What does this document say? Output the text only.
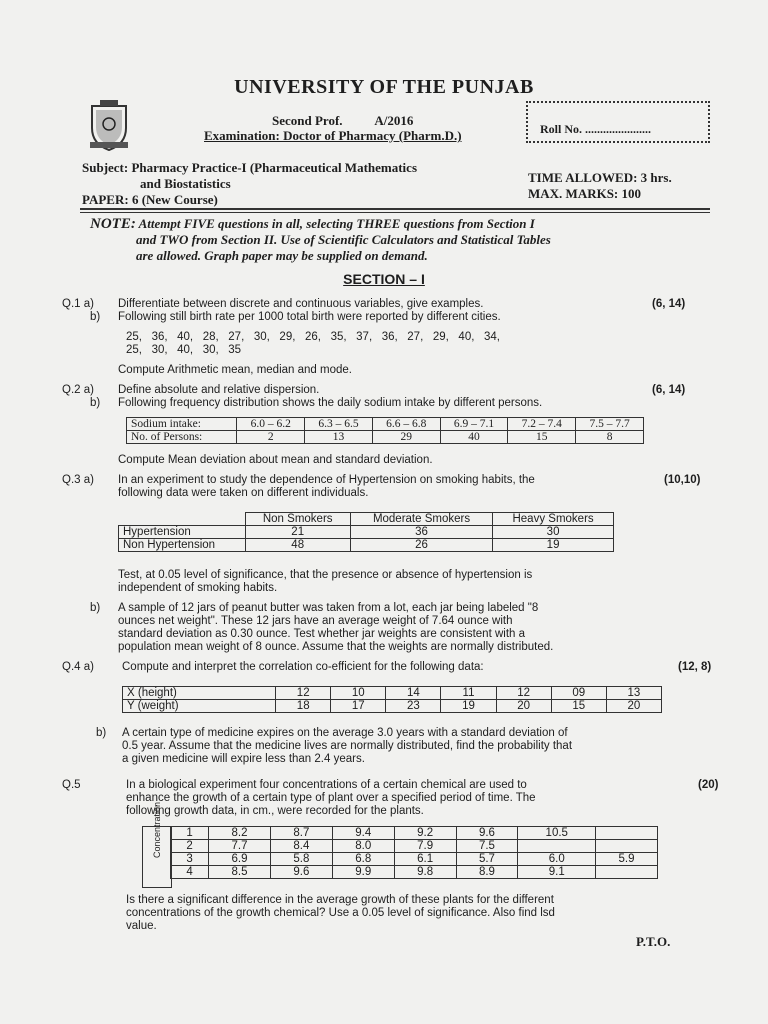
UNIVERSITY OF THE PUNJAB
Second Prof.          A/2016
Examination: Doctor of Pharmacy (Pharm.D.)	Roll No. ......................
Subject: Pharmacy Practice-I (Pharmaceutical Mathematics
and Biostatistics
PAPER: 6 (New Course)
TIME ALLOWED: 3 hrs.
MAX. MARKS: 100
NOTE: Attempt FIVE questions in all, selecting THREE questions from Section I
and TWO from Section II. Use of Scientific Calculators and Statistical Tables
are allowed. Graph paper may be supplied on demand.
SECTION – I
Q.1 a) Differentiate between discrete and continuous variables, give examples.	(6, 14)
b) Following still birth rate per 1000 total birth were reported by different cities.
25,   36,   40,   28,   27,   30,   29,   26,   35,   37,   36,   27,   29,   40,   34,
25,   30,   40,   30,   35
Compute Arithmetic mean, median and mode.
Q.2 a) Define absolute and relative dispersion.	(6, 14)
b) Following frequency distribution shows the daily sodium intake by different persons.
Sodium intake:	6.0 – 6.2	6.3 – 6.5	6.6 – 6.8	6.9 – 7.1	7.2 – 7.4	7.5 – 7.7
No. of Persons:	2	13	29	40	15	8
Compute Mean deviation about mean and standard deviation.
Q.3 a) In an experiment to study the dependence of Hypertension on smoking habits, the
following data were taken on different individuals.
(10,10)
	Non Smokers	Moderate Smokers	Heavy Smokers
Hypertension	21	36	30
Non Hypertension	48	26	19
Test, at 0.05 level of significance, that the presence or absence of hypertension is
independent of smoking habits.
b) A sample of 12 jars of peanut butter was taken from a lot, each jar being labeled "8
ounces net weight". These 12 jars have an average weight of 7.64 ounce with
standard deviation as 0.30 ounce. Test whether jar weights are consistent with a
population mean weight of 8 ounce. Assume that the weights are normally distributed.
Q.4 a) Compute and interpret the correlation co-efficient for the following data:	(12, 8)
X (height)	12	10	14	11	12	09	13
Y (weight)	18	17	23	19	20	15	20
b) A certain type of medicine expires on the average 3.0 years with a standard deviation of
0.5 year. Assume that the medicine lives are normally distributed, find the probability that
a given medicine will expire less than 2.4 years.
Q.5	In a biological experiment four concentrations of a certain chemical are used to
enhance the growth of a certain type of plant over a specified period of time. The
following growth data, in cm., were recorded for the plants.
(20)
Concentration 1	8.2	8.7	9.4	9.2	9.6	10.5	
2	7.7	8.4	8.0	7.9	7.5		
3	6.9	5.8	6.8	6.1	5.7	6.0	5.9
4	8.5	9.6	9.9	9.8	8.9	9.1	
Is there a significant difference in the average growth of these plants for the different
concentrations of the growth chemical? Use a 0.05 level of significance. Also find lsd
value.
P.T.O.
